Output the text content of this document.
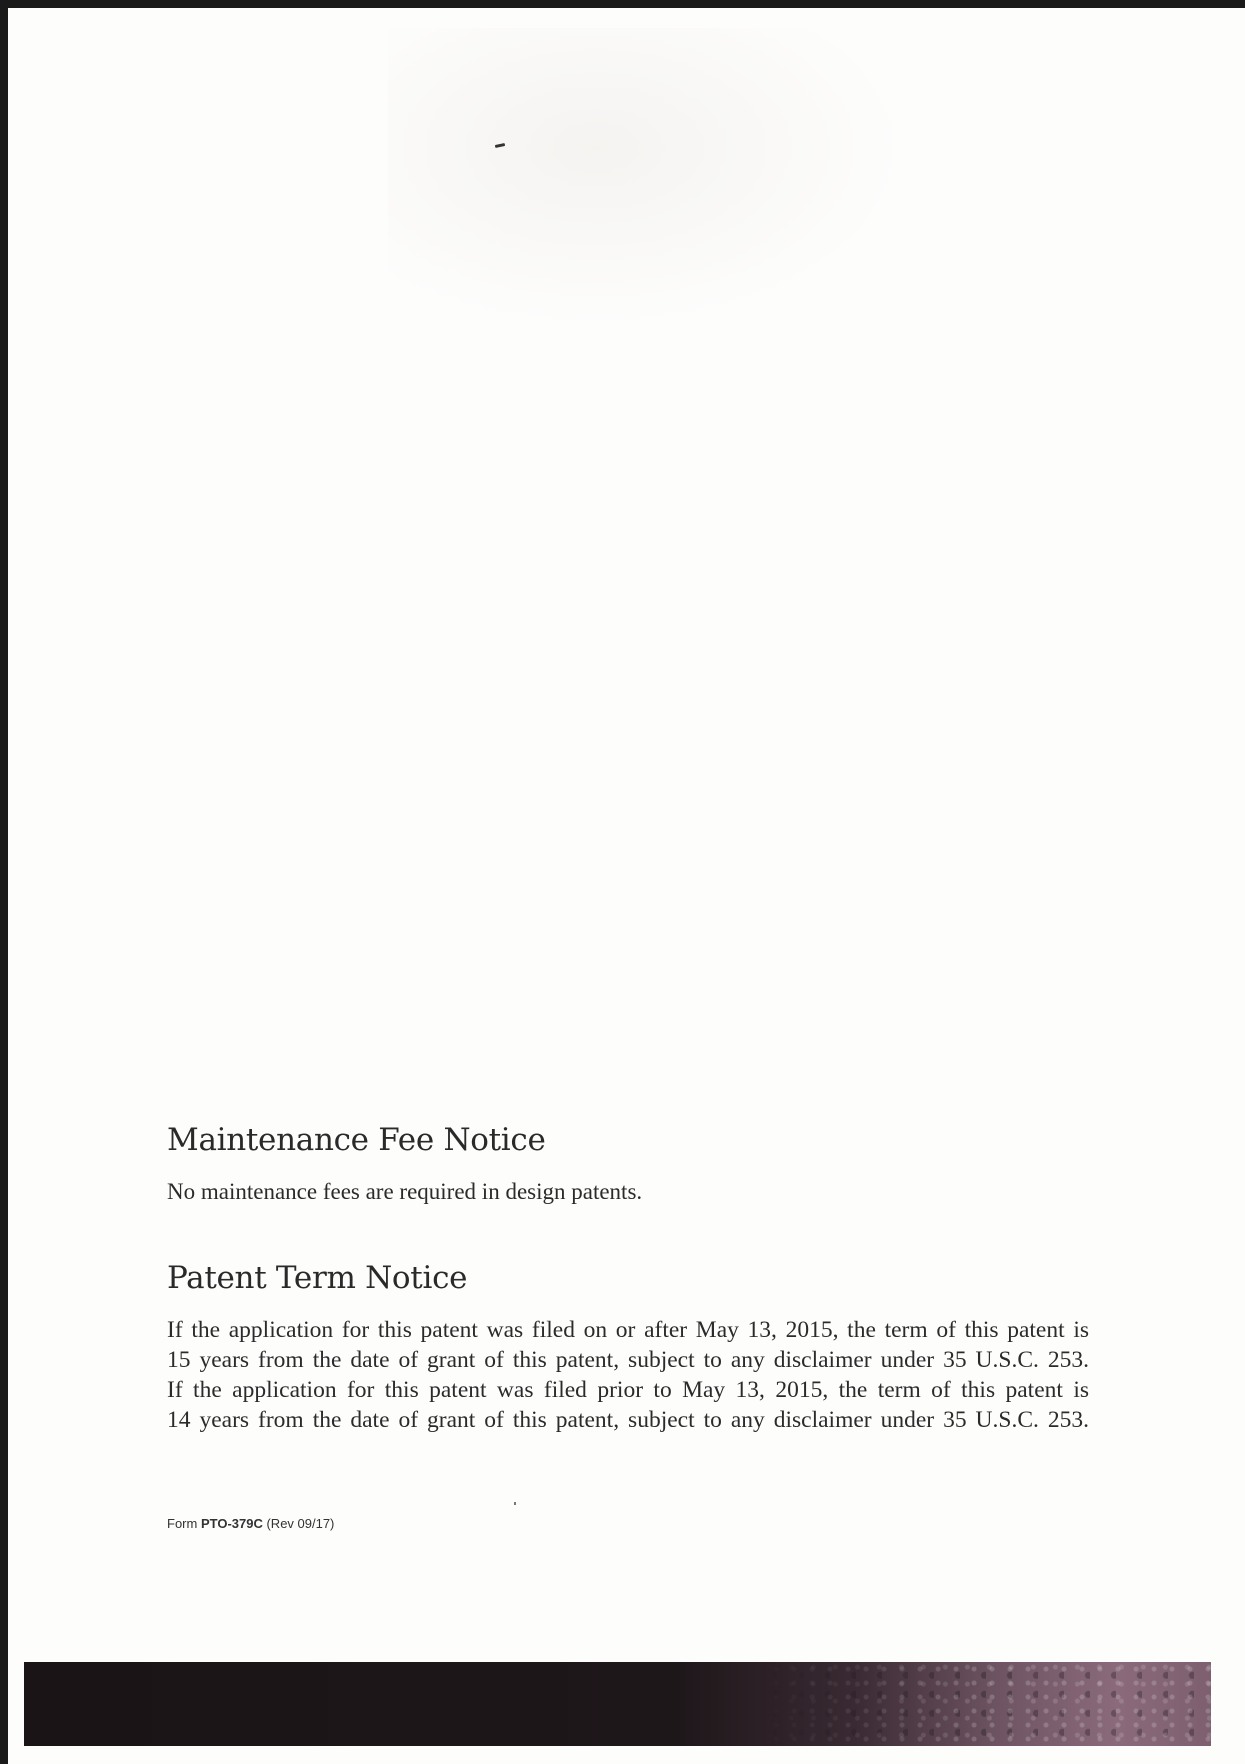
Maintenance Fee Notice

No maintenance fees are required in design patents.

Patent Term Notice
If the application for this patent was filed on or after May 13, 2015, the term of this patent is
15 years from the date of grant of this patent, subject to any disclaimer under 35 U.S.C. 253.
If the application for this patent was filed prior to May 13, 2015, the term of this patent is
14 years from the date of grant of this patent, subject to any disclaimer under 35 U.S.C. 253.

Form PTO-379C (Rev 09/17)
